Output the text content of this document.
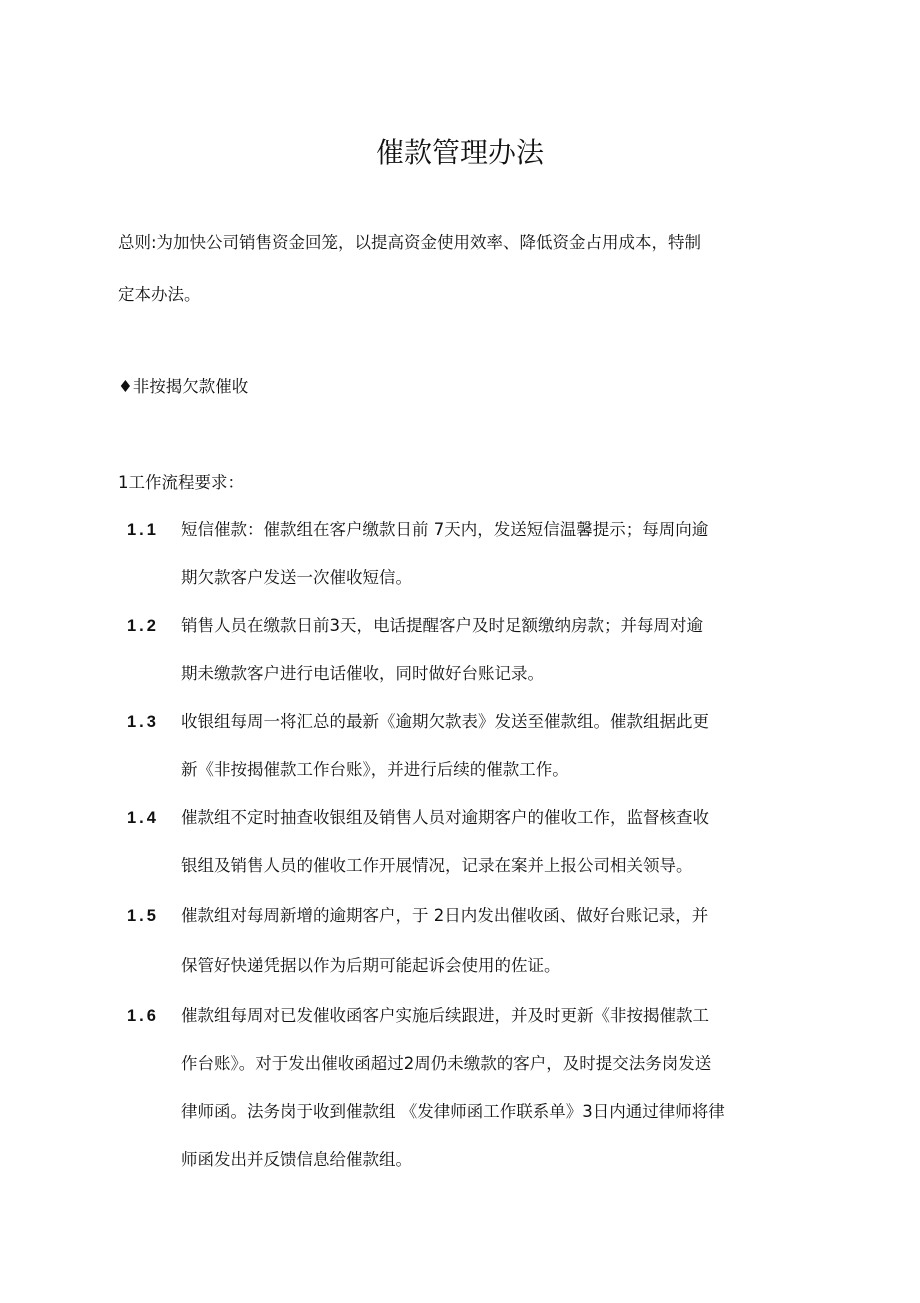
催款管理办法
总则:为加快公司销售资金回笼，以提高资金使用效率、降低资金占用成本，特制
定本办法。
♦非按揭欠款催收
1工作流程要求：
1.1 短信催款：催款组在客户缴款日前 7天内，发送短信温馨提示；每周向逾
期欠款客户发送一次催收短信。
1.2 销售人员在缴款日前3天，电话提醒客户及时足额缴纳房款；并每周对逾
期未缴款客户进行电话催收，同时做好台账记录。
1.3 收银组每周一将汇总的最新《逾期欠款表》发送至催款组。催款组据此更
新《非按揭催款工作台账》，并进行后续的催款工作。
1.4 催款组不定时抽查收银组及销售人员对逾期客户的催收工作，监督核查收
银组及销售人员的催收工作开展情况，记录在案并上报公司相关领导。
1.5 催款组对每周新增的逾期客户，于 2日内发出催收函、做好台账记录，并
保管好快递凭据以作为后期可能起诉会使用的佐证。
1.6 催款组每周对已发催收函客户实施后续跟进，并及时更新《非按揭催款工
作台账》。对于发出催收函超过2周仍未缴款的客户，及时提交法务岗发送
律师函。法务岗于收到催款组 《发律师函工作联系单》3日内通过律师将律
师函发出并反馈信息给催款组。
